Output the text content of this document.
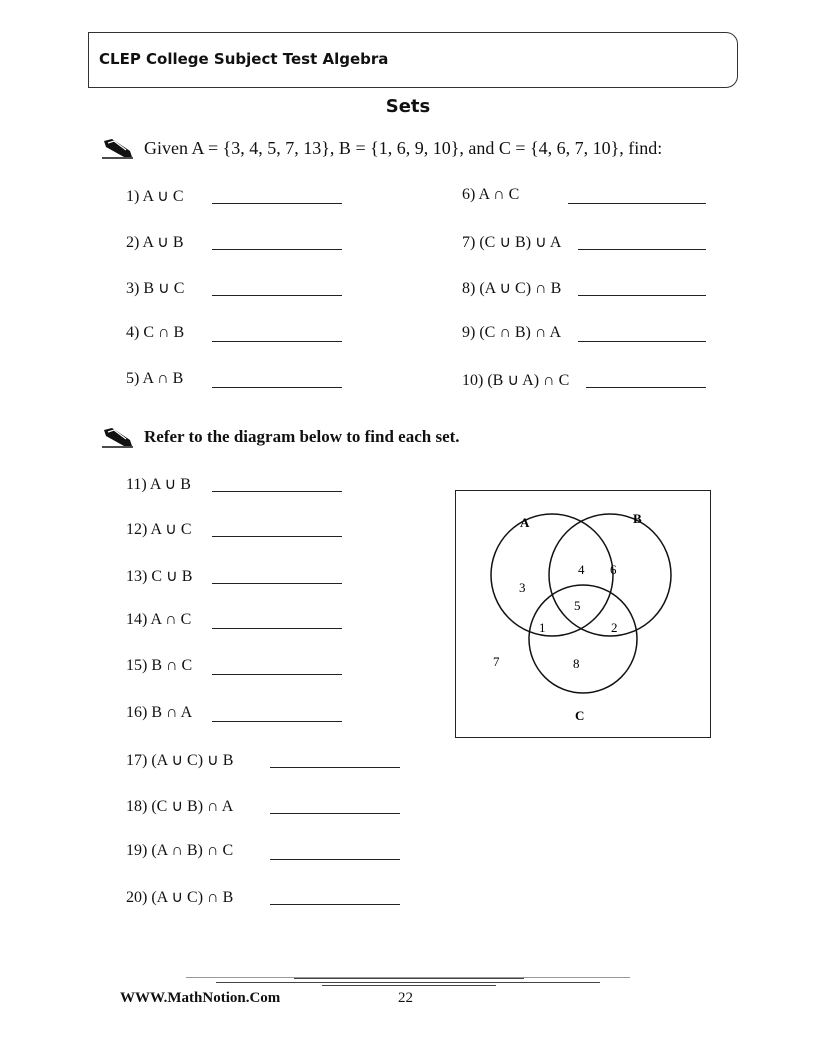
CLEP College Subject Test Algebra
Sets
Given A = {3, 4, 5, 7, 13}, B = {1, 6, 9, 10}, and C = {4, 6, 7, 10}, find:
1) A ∪ C
2) A ∪ B
3) B ∪ C
4) C ∩ B
5) A ∩ B
6) A ∩ C
7) (C ∪ B) ∪ A
8) (A ∪ C) ∩ B
9) (C ∩ B) ∩ A
10) (B ∪ A) ∩ C
Refer to the diagram below to find each set.
11) A ∪ B
12) A ∪ C
13) C ∪ B
14) A ∩ C
15) B ∩ C
16) B ∩ A
17) (A ∪ C) ∪ B
18) (C ∪ B) ∩ A
19) (A ∩ B) ∩ C
20) (A ∪ C) ∩ B
A	B
C
3
4 6
5
1	2
7	8
WWW.MathNotion.Com	22
